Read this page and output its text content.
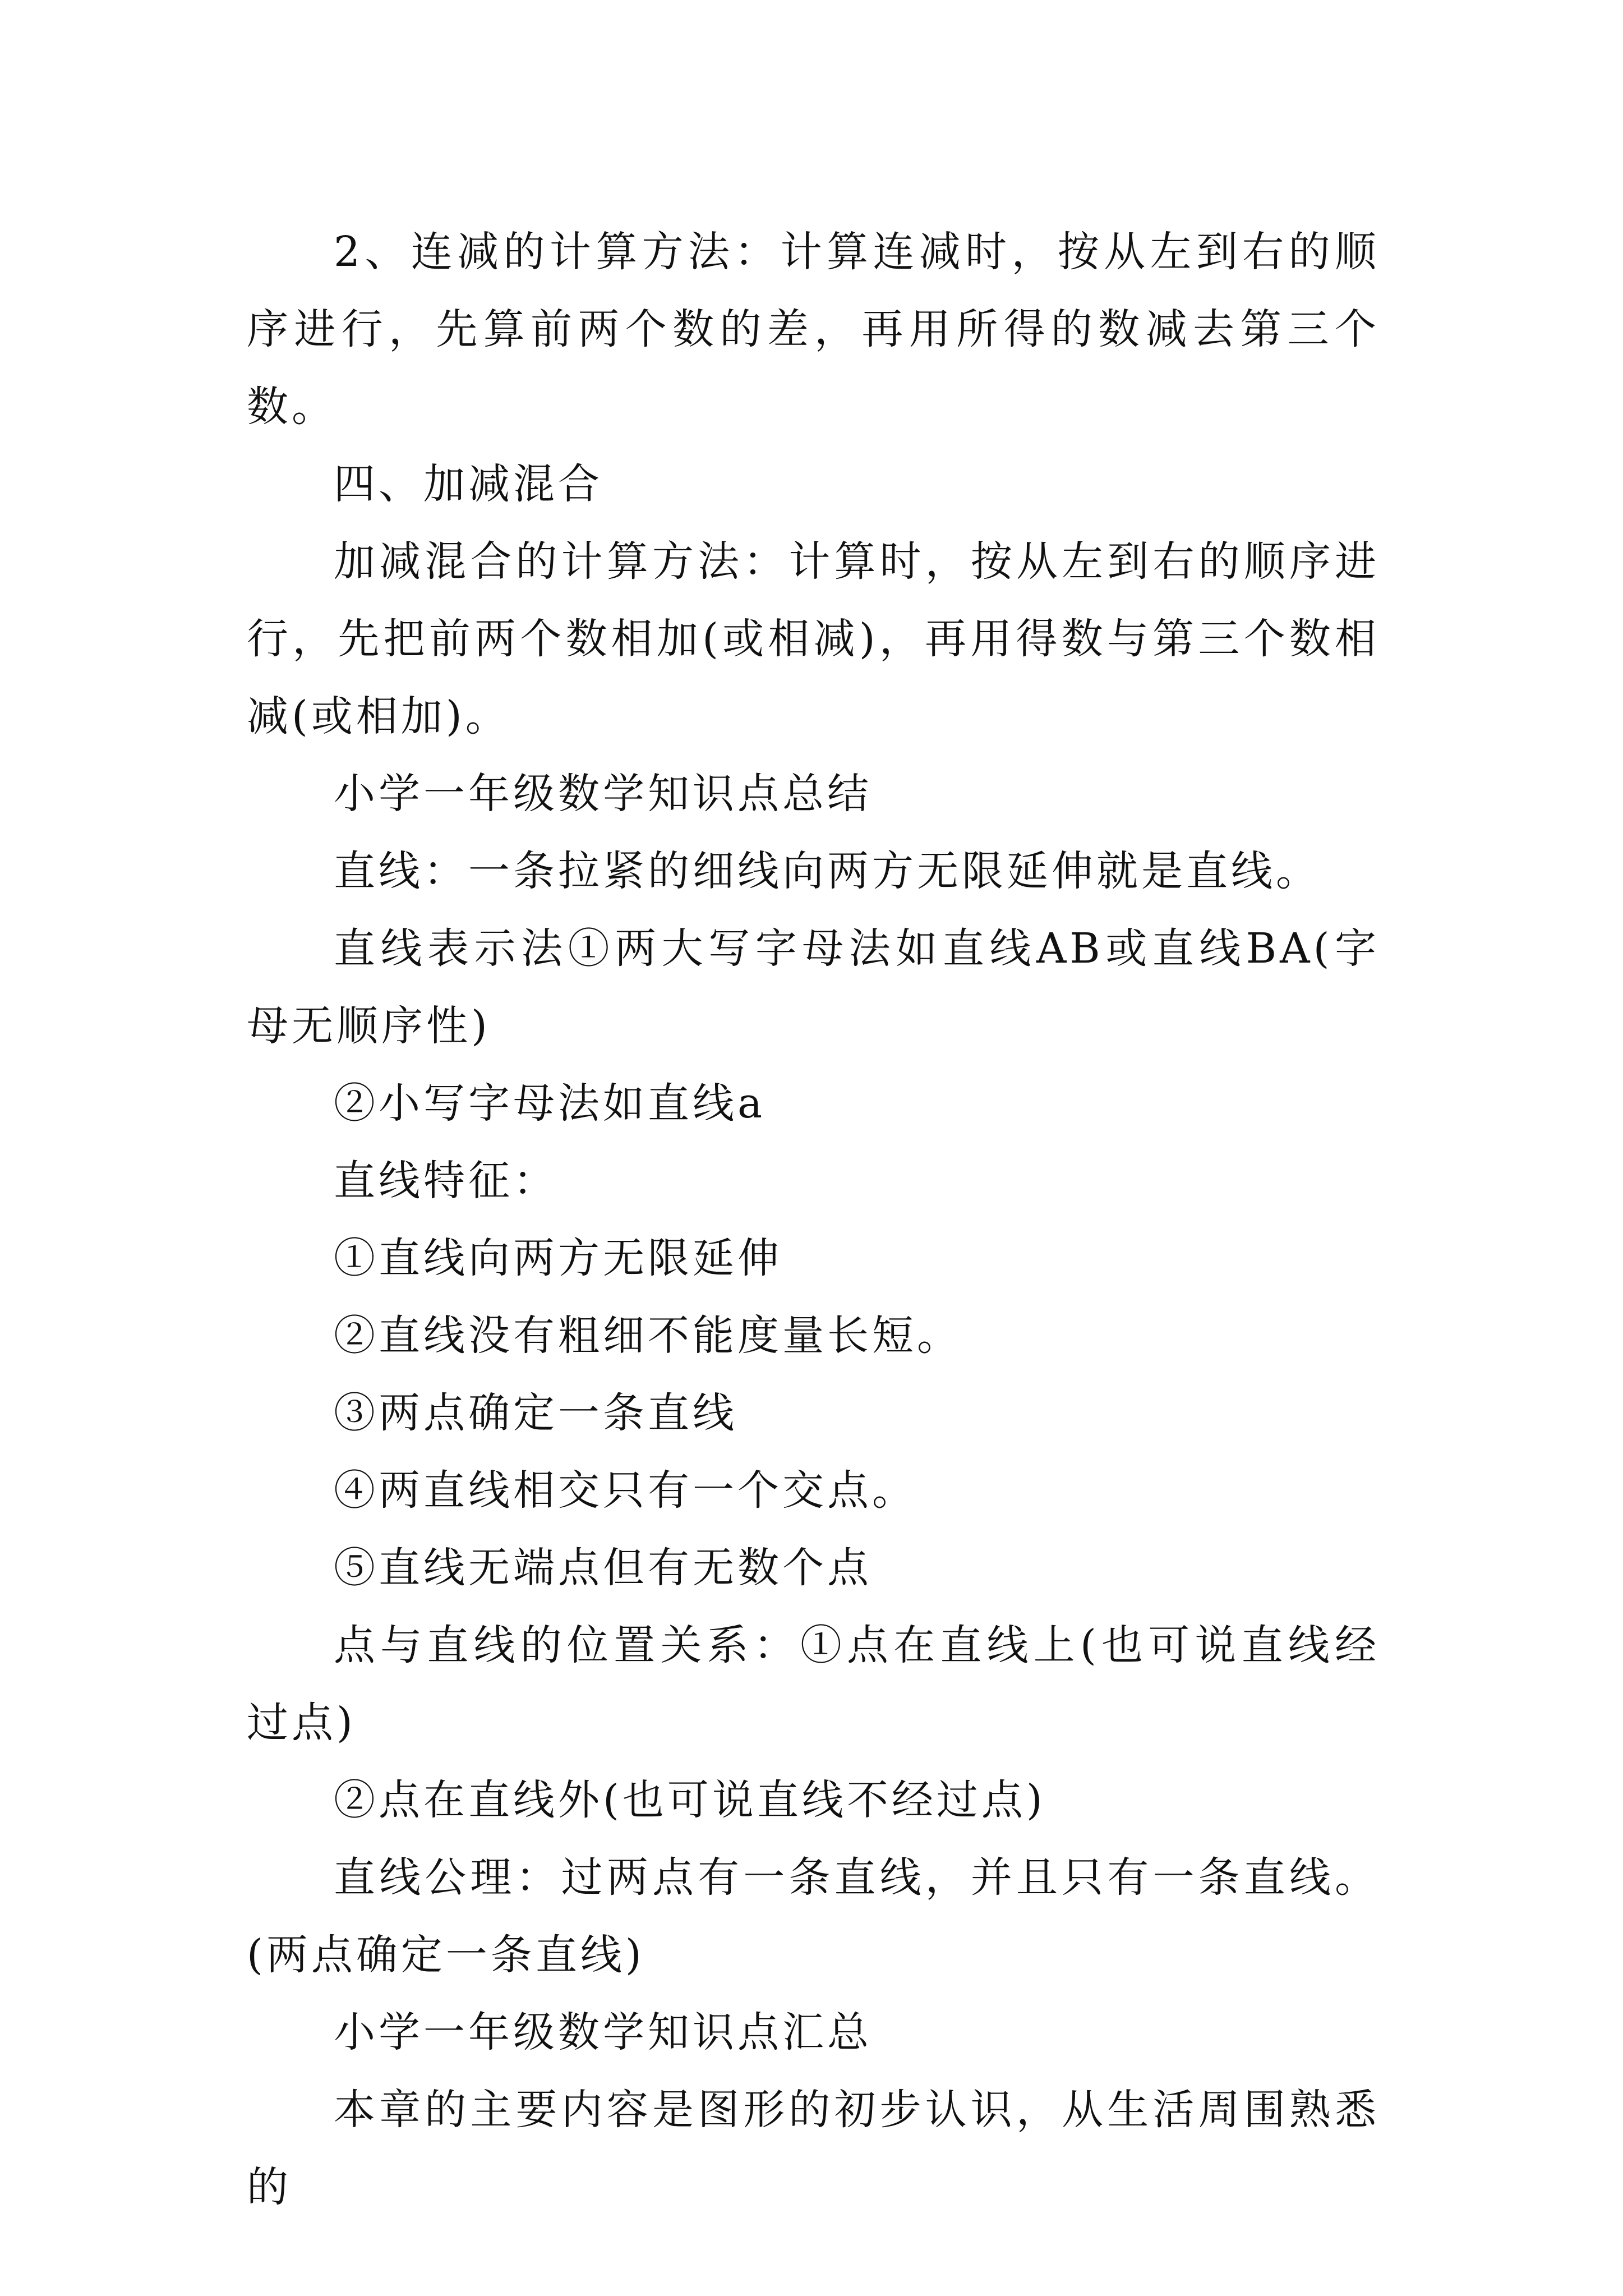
2、连减的计算方法：计算连减时，按从左到右的顺序进行，先算前两个数的差，再用所得的数减去第三个数。

四、加减混合

加减混合的计算方法：计算时，按从左到右的顺序进行，先把前两个数相加(或相减)，再用得数与第三个数相减(或相加)。

小学一年级数学知识点总结

直线：一条拉紧的细线向两方无限延伸就是直线。

直线表示法①两大写字母法如直线AB或直线BA(字母无顺序性)

②小写字母法如直线a

直线特征：

①直线向两方无限延伸

②直线没有粗细不能度量长短。

③两点确定一条直线

④两直线相交只有一个交点。

⑤直线无端点但有无数个点

点与直线的位置关系：①点在直线上(也可说直线经过点)

②点在直线外(也可说直线不经过点)

直线公理：过两点有一条直线，并且只有一条直线。(两点确定一条直线)

小学一年级数学知识点汇总

本章的主要内容是图形的初步认识，从生活周围熟悉的
